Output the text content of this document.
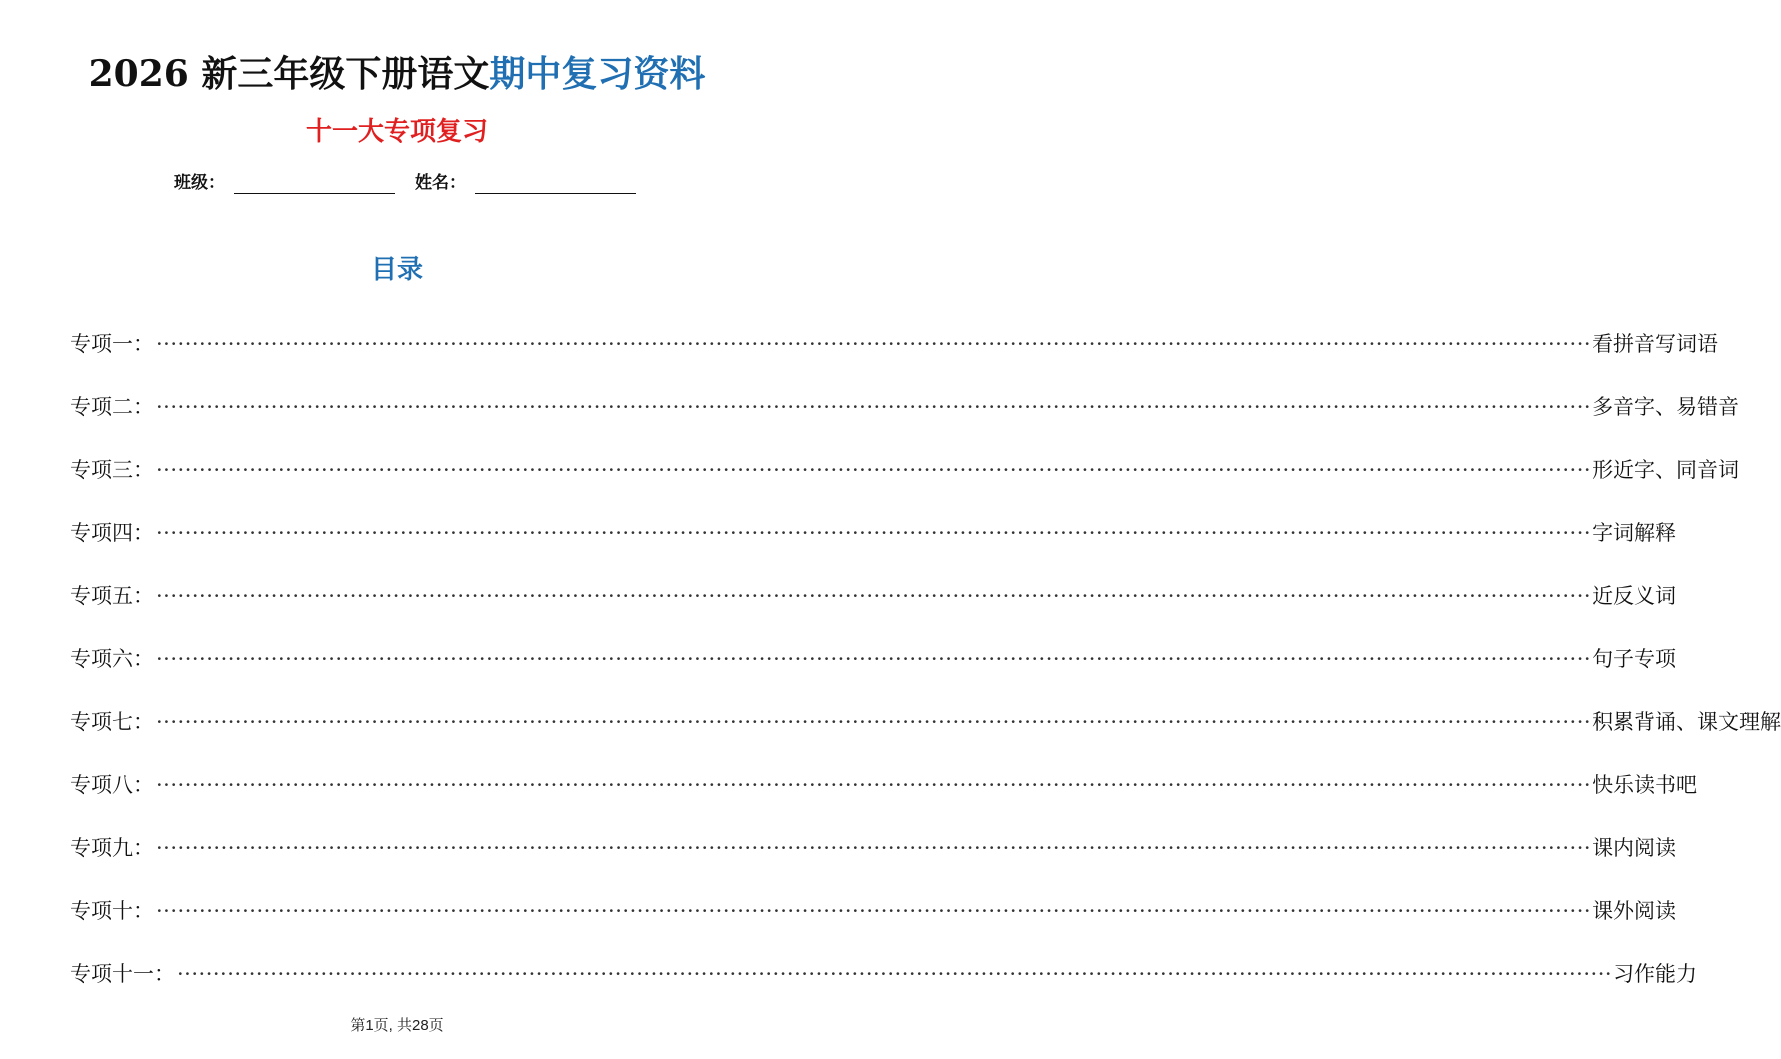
2026 新三年级下册语文期中复习资料
十一大专项复习
班级：	姓名：
目录
专项一： ········································································································································································································ 看拼音写词语
专项二： ········································································································································································································ 多音字、易错音
专项三： ········································································································································································································ 形近字、同音词
专项四： ········································································································································································································ 字词解释
专项五： ········································································································································································································ 近反义词
专项六： ········································································································································································································ 句子专项
专项七： ········································································································································································································ 积累背诵、课文理解
专项八： ········································································································································································································ 快乐读书吧
专项九： ········································································································································································································ 课内阅读
专项十： ········································································································································································································ 课外阅读
专项十一： ········································································································································································································ 习作能力
第1页, 共28页
